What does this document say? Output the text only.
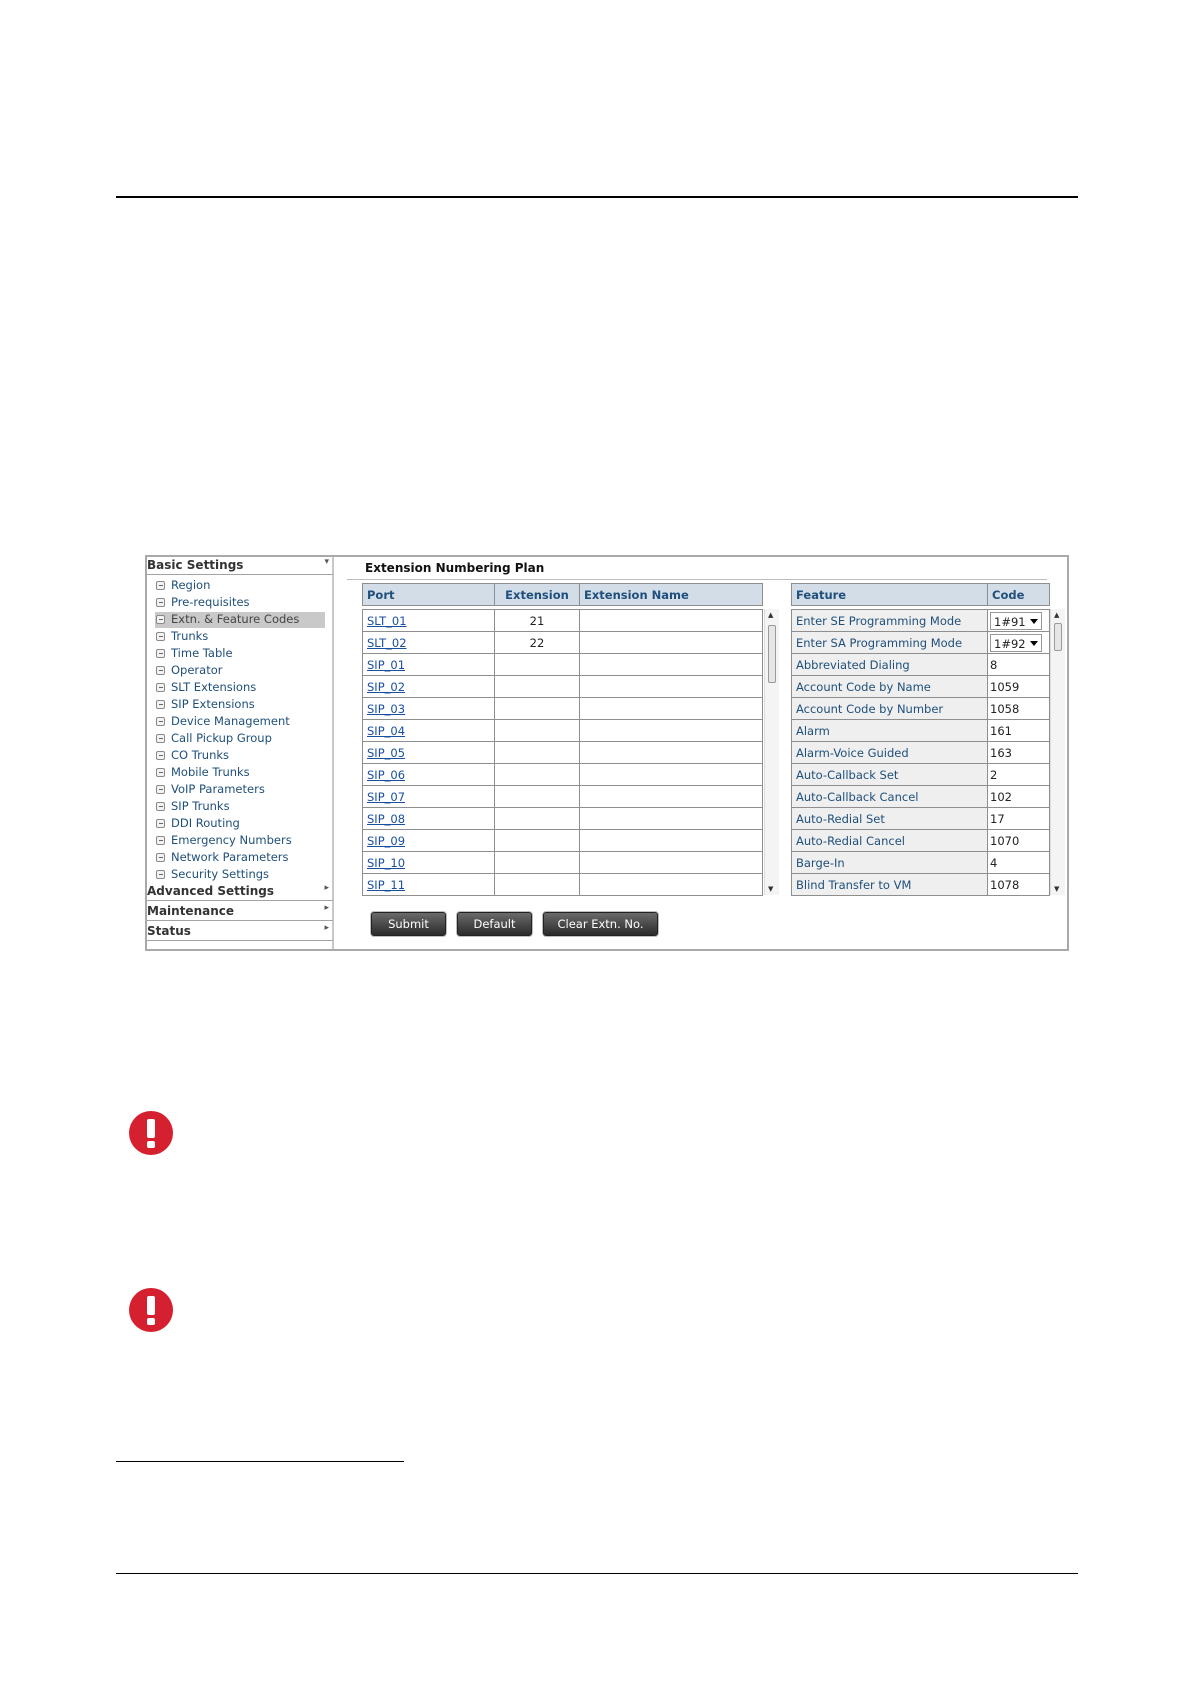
Basic Settings	▾
Region
Pre-requisites
Extn. & Feature Codes
Trunks
Time Table
Operator
SLT Extensions
SIP Extensions
Device Management
Call Pickup Group
CO Trunks
Mobile Trunks
VoIP Parameters
SIP Trunks
DDI Routing
Emergency Numbers
Network Parameters
Security Settings
Advanced Settings	▸
Maintenance	▸
Status	▸
Extension Numbering Plan
Port	Extension	Extension Name
SLT_01	21	
SLT_02	22	
SIP_01		
SIP_02		
SIP_03		
SIP_04		
SIP_05		
SIP_06		
SIP_07		
SIP_08		
SIP_09		
SIP_10		
SIP_11		
▲
▼
Feature	Code
Enter SE Programming Mode	1#91

Enter SA Programming Mode	1#92

Abbreviated Dialing	8
Account Code by Name	1059
Account Code by Number	1058
Alarm	161
Alarm-Voice Guided	163
Auto-Callback Set	2
Auto-Callback Cancel	102
Auto-Redial Set	17
Auto-Redial Cancel	1070
Barge-In	4
Blind Transfer to VM	1078
▲
▼
Submit	Default	Clear Extn. No.
